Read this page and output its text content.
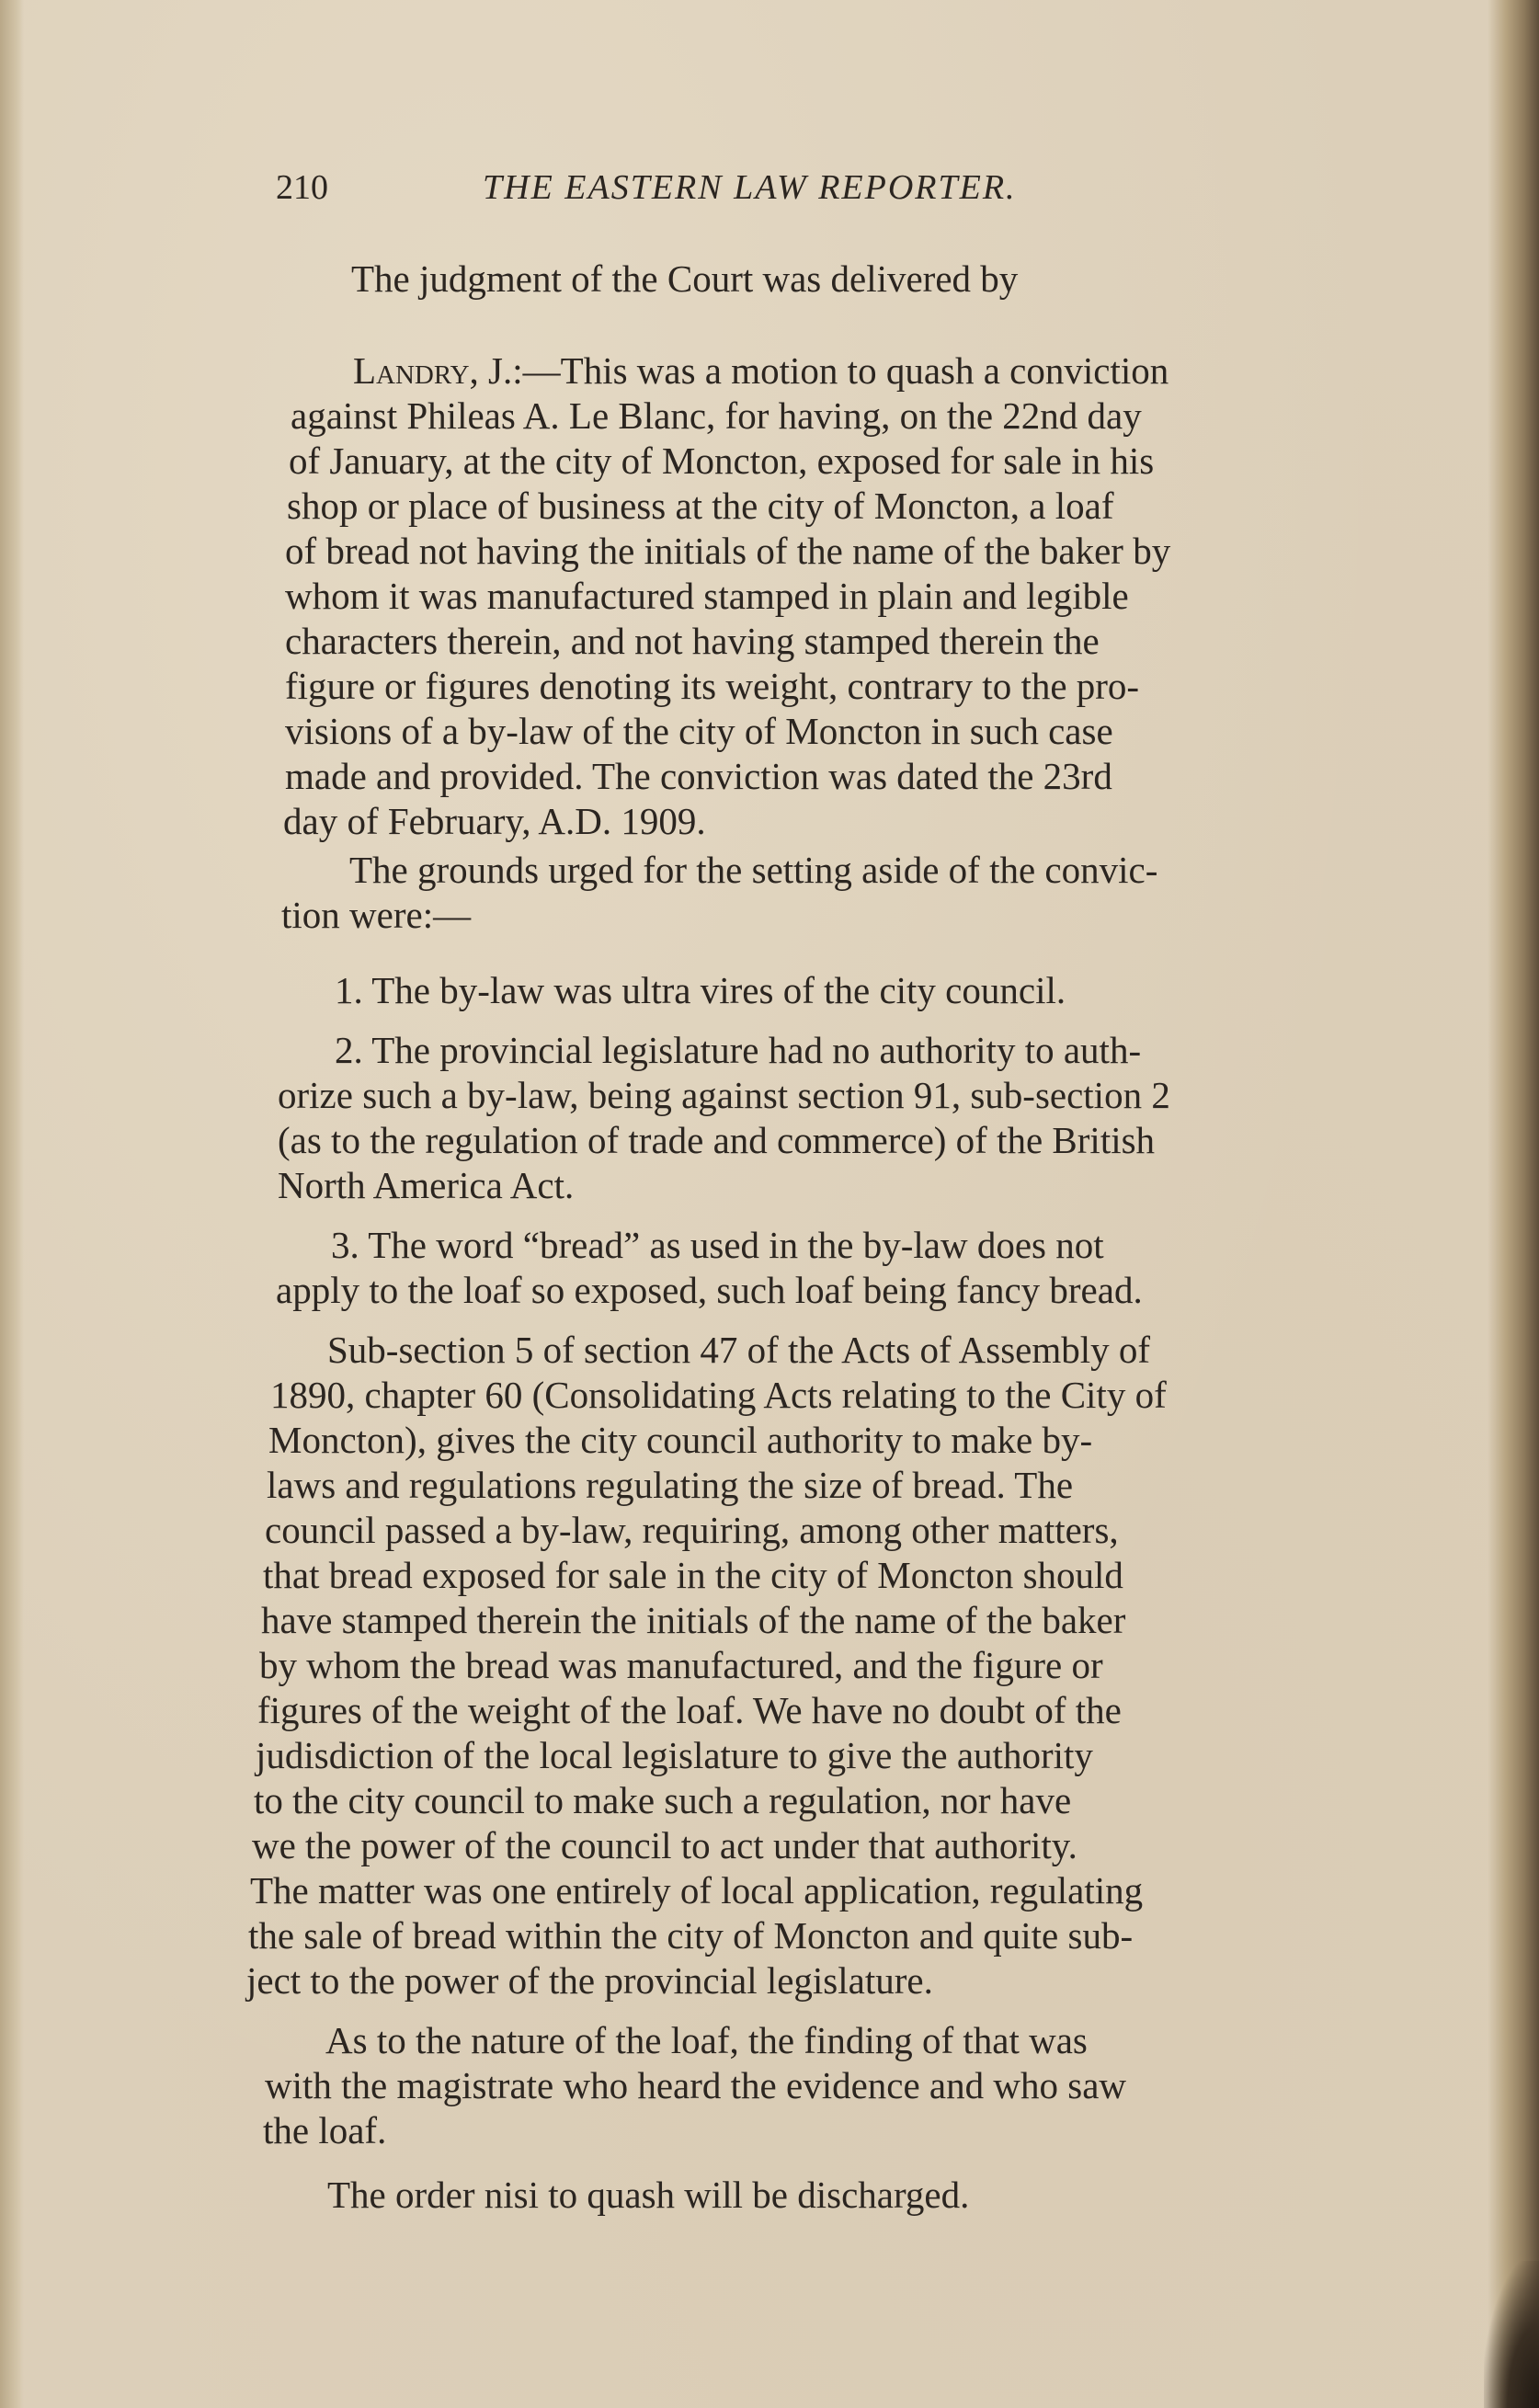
210	THE EASTERN LAW REPORTER.
The judgment of the Court was delivered by
Landry, J.:—This was a motion to quash a conviction
against Phileas A. Le Blanc, for having, on the 22nd day
of January, at the city of Moncton, exposed for sale in his
shop or place of business at the city of Moncton, a loaf
of bread not having the initials of the name of the baker by
whom it was manufactured stamped in plain and legible
characters therein, and not having stamped therein the
figure or figures denoting its weight, contrary to the pro-
visions of a by-law of the city of Moncton in such case
made and provided. The conviction was dated the 23rd
day of February, A.D. 1909.
The grounds urged for the setting aside of the convic-
tion were:—
1. The by-law was ultra vires of the city council.
2. The provincial legislature had no authority to auth-
orize such a by-law, being against section 91, sub-section 2
(as to the regulation of trade and commerce) of the British
North America Act.
3. The word “bread” as used in the by-law does not
apply to the loaf so exposed, such loaf being fancy bread.
Sub-section 5 of section 47 of the Acts of Assembly of
1890, chapter 60 (Consolidating Acts relating to the City of
Moncton), gives the city council authority to make by-
laws and regulations regulating the size of bread. The
council passed a by-law, requiring, among other matters,
that bread exposed for sale in the city of Moncton should
have stamped therein the initials of the name of the baker
by whom the bread was manufactured, and the figure or
figures of the weight of the loaf. We have no doubt of the
judisdiction of the local legislature to give the authority
to the city council to make such a regulation, nor have
we the power of the council to act under that authority.
The matter was one entirely of local application, regulating
the sale of bread within the city of Moncton and quite sub-
ject to the power of the provincial legislature.
As to the nature of the loaf, the finding of that was
with the magistrate who heard the evidence and who saw
the loaf.
The order nisi to quash will be discharged.
